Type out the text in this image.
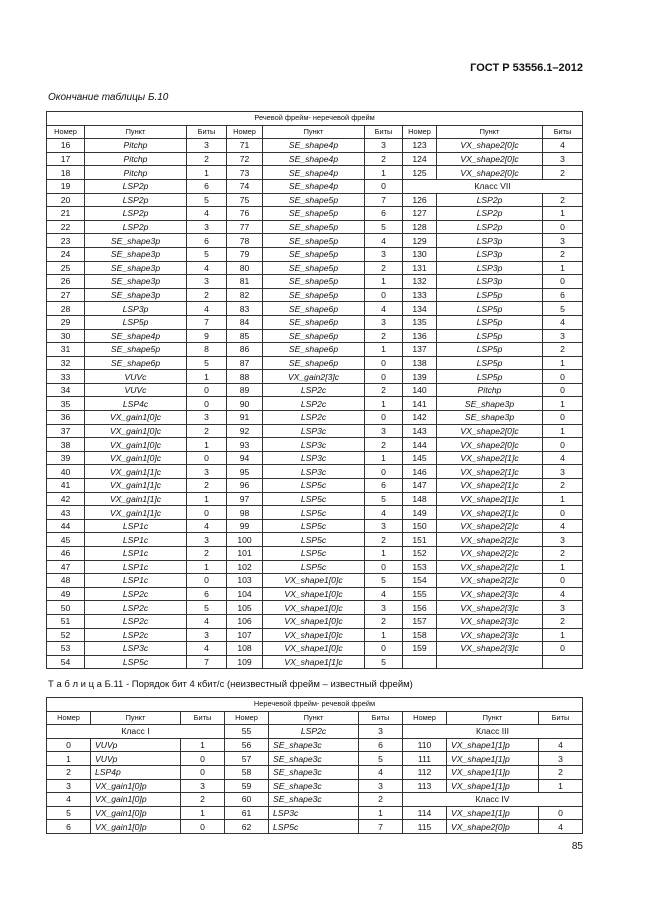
ГОСТ Р 53556.1–2012
Окончание таблицы Б.10
Речевой фрейм- неречевой фрейм								
Номер	Пункт	Биты	Номер	Пункт	Биты	Номер	Пункт	Биты
16	Pitchp	3	71	SE_shape4p	3	123	VX_shape2[0]c	4
17	Pitchp	2	72	SE_shape4p	2	124	VX_shape2[0]c	3
18	Pitchp	1	73	SE_shape4p	1	125	VX_shape2[0]c	2
19	LSP2p	6	74	SE_shape4p	0	Класс VII		
20	LSP2p	5	75	SE_shape5p	7	126	LSP2p	2
21	LSP2p	4	76	SE_shape5p	6	127	LSP2p	1
22	LSP2p	3	77	SE_shape5p	5	128	LSP2p	0
23	SE_shape3p	6	78	SE_shape5p	4	129	LSP3p	3
24	SE_shape3p	5	79	SE_shape5p	3	130	LSP3p	2
25	SE_shape3p	4	80	SE_shape5p	2	131	LSP3p	1
26	SE_shape3p	3	81	SE_shape5p	1	132	LSP3p	0
27	SE_shape3p	2	82	SE_shape5p	0	133	LSP5p	6
28	LSP3p	4	83	SE_shape6p	4	134	LSP5p	5
29	LSP5p	7	84	SE_shape6p	3	135	LSP5p	4
30	SE_shape4p	9	85	SE_shape6p	2	136	LSP5p	3
31	SE_shape5p	8	86	SE_shape6p	1	137	LSP5p	2
32	SE_shape6p	5	87	SE_shape6p	0	138	LSP5p	1
33	VUVc	1	88	VX_gain2[3]c	0	139	LSP5p	0
34	VUVc	0	89	LSP2c	2	140	Pitchp	0
35	LSP4c	0	90	LSP2c	1	141	SE_shape3p	1
36	VX_gain1[0]c	3	91	LSP2c	0	142	SE_shape3p	0
37	VX_gain1[0]c	2	92	LSP3c	3	143	VX_shape2[0]c	1
38	VX_gain1[0]c	1	93	LSP3c	2	144	VX_shape2[0]c	0
39	VX_gain1[0]c	0	94	LSP3c	1	145	VX_shape2[1]c	4
40	VX_gain1[1]c	3	95	LSP3c	0	146	VX_shape2[1]c	3
41	VX_gain1[1]c	2	96	LSP5c	6	147	VX_shape2[1]c	2
42	VX_gain1[1]c	1	97	LSP5c	5	148	VX_shape2[1]c	1
43	VX_gain1[1]c	0	98	LSP5c	4	149	VX_shape2[1]c	0
44	LSP1c	4	99	LSP5c	3	150	VX_shape2[2]c	4
45	LSP1c	3	100	LSP5c	2	151	VX_shape2[2]c	3
46	LSP1c	2	101	LSP5c	1	152	VX_shape2[2]c	2
47	LSP1c	1	102	LSP5c	0	153	VX_shape2[2]c	1
48	LSP1c	0	103	VX_shape1[0]c	5	154	VX_shape2[2]c	0
49	LSP2c	6	104	VX_shape1[0]c	4	155	VX_shape2[3]c	4
50	LSP2c	5	105	VX_shape1[0]c	3	156	VX_shape2[3]c	3
51	LSP2c	4	106	VX_shape1[0]c	2	157	VX_shape2[3]c	2
52	LSP2c	3	107	VX_shape1[0]c	1	158	VX_shape2[3]c	1
53	LSP3c	4	108	VX_shape1[0]c	0	159	VX_shape2[3]c	0
54	LSP5c	7	109	VX_shape1[1]c	5			
Т а б л и ц а Б.11 - Порядок бит 4 кбит/с (неизвестный фрейм – известный фрейм)
Неречевой фрейм- речевой фрейм								
Номер	Пункт	Биты	Номер	Пункт	Биты	Номер	Пункт	Биты
Класс I			55	LSP2c	3	Класс III		
0	VUVp	1	56	SE_shape3c	6	110	VX_shape1[1]p	4
1	VUVp	0	57	SE_shape3c	5	111	VX_shape1[1]p	3
2	LSP4p	0	58	SE_shape3c	4	112	VX_shape1[1]p	2
3	VX_gain1[0]p	3	59	SE_shape3c	3	113	VX_shape1[1]p	1
4	VX_gain1[0]p	2	60	SE_shape3c	2	Класс IV		
5	VX_gain1[0]p	1	61	LSP3c	1	114	VX_shape1[1]p	0
6	VX_gain1[0]p	0	62	LSP5c	7	115	VX_shape2[0]p	4
85
